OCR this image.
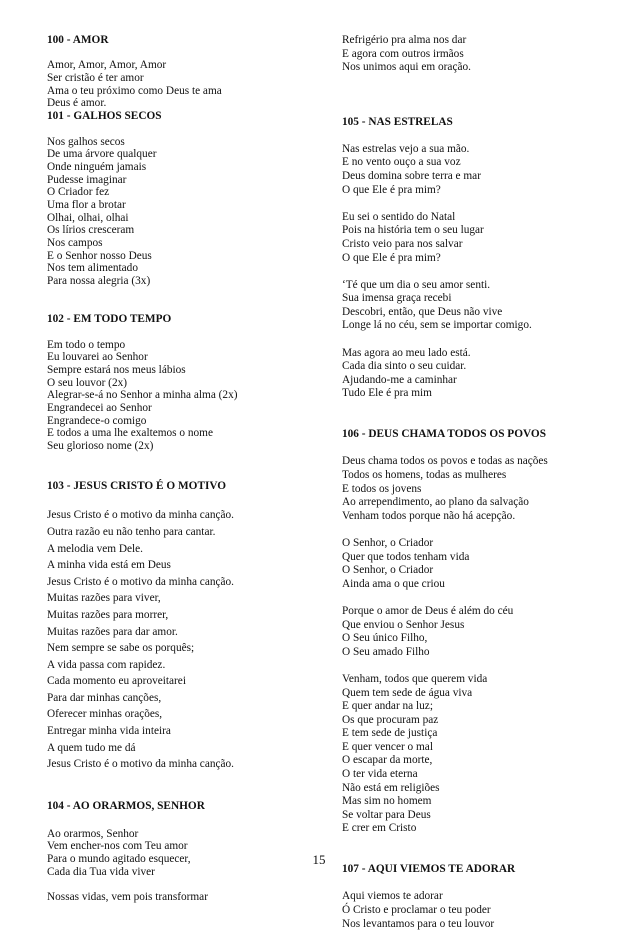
100 - AMOR
Amor, Amor, Amor, Amor
Ser cristão é ter amor
Ama o teu próximo como Deus te ama
Deus é amor.
101 - GALHOS SECOS
Nos galhos secos
De uma árvore qualquer
Onde ninguém jamais
Pudesse imaginar
O Criador fez
Uma flor a brotar
Olhai, olhai, olhai
Os lírios cresceram
Nos campos
E o Senhor nosso Deus
Nos tem alimentado
Para nossa alegria (3x)
102 - EM TODO TEMPO
Em todo o tempo
Eu louvarei ao Senhor
Sempre estará nos meus lábios
O seu louvor (2x)
Alegrar-se-á no Senhor a minha alma (2x)
Engrandecei ao Senhor
Engrandece-o comigo
E todos a uma lhe exaltemos o nome
Seu glorioso nome (2x)
103 - JESUS CRISTO É O MOTIVO
Jesus Cristo é o motivo da minha canção.
Outra razão eu não tenho para cantar.
A melodia vem Dele.
A minha vida está em Deus
Jesus Cristo é o motivo da minha canção.
Muitas razões para viver,
Muitas razões para morrer,
Muitas razões para dar amor.
Nem sempre se sabe os porquês;
A vida passa com rapidez.
Cada momento eu aproveitarei
Para dar minhas canções,
Oferecer minhas orações,
Entregar minha vida inteira
A quem tudo me dá
Jesus Cristo é o motivo da minha canção.
104 - AO ORARMOS, SENHOR
Ao orarmos, Senhor
Vem encher-nos com Teu amor
Para o mundo agitado esquecer,
Cada dia Tua vida viver
Nossas vidas, vem pois transformar
Refrigério pra alma nos dar
E agora com outros irmãos
Nos unimos aqui em oração.
105 - NAS ESTRELAS
Nas estrelas vejo a sua mão.
E no vento ouço a sua voz
Deus domina sobre terra e mar
O que Ele é pra mim?
Eu sei o sentido do Natal
Pois na história tem o seu lugar
Cristo veio para nos salvar
O que Ele é pra mim?
‘Té que um dia o seu amor senti.
Sua imensa graça recebi
Descobri, então, que Deus não vive
Longe lá no céu, sem se importar comigo.
Mas agora ao meu lado está.
Cada dia sinto o seu cuidar.
Ajudando-me a caminhar
Tudo Ele é pra mim
106 - DEUS CHAMA TODOS OS POVOS
Deus chama todos os povos e todas as nações
Todos os homens, todas as mulheres
E todos os jovens
Ao arrependimento, ao plano da salvação
Venham todos porque não há acepção.
O Senhor, o Criador
Quer que todos tenham vida
O Senhor, o Criador
Ainda ama o que criou
Porque o amor de Deus é além do céu
Que enviou o Senhor Jesus
O Seu único Filho,
O Seu amado Filho
Venham, todos que querem vida
Quem tem sede de água viva
E quer andar na luz;
Os que procuram paz
E tem sede de justiça
E quer vencer o mal
O escapar da morte,
O ter vida eterna
Não está em religiões
Mas sim no homem
Se voltar para Deus
E crer em Cristo
107 - AQUI VIEMOS TE ADORAR
Aqui viemos te adorar
Ó Cristo e proclamar o teu poder
Nos levantamos para o teu louvor
15
